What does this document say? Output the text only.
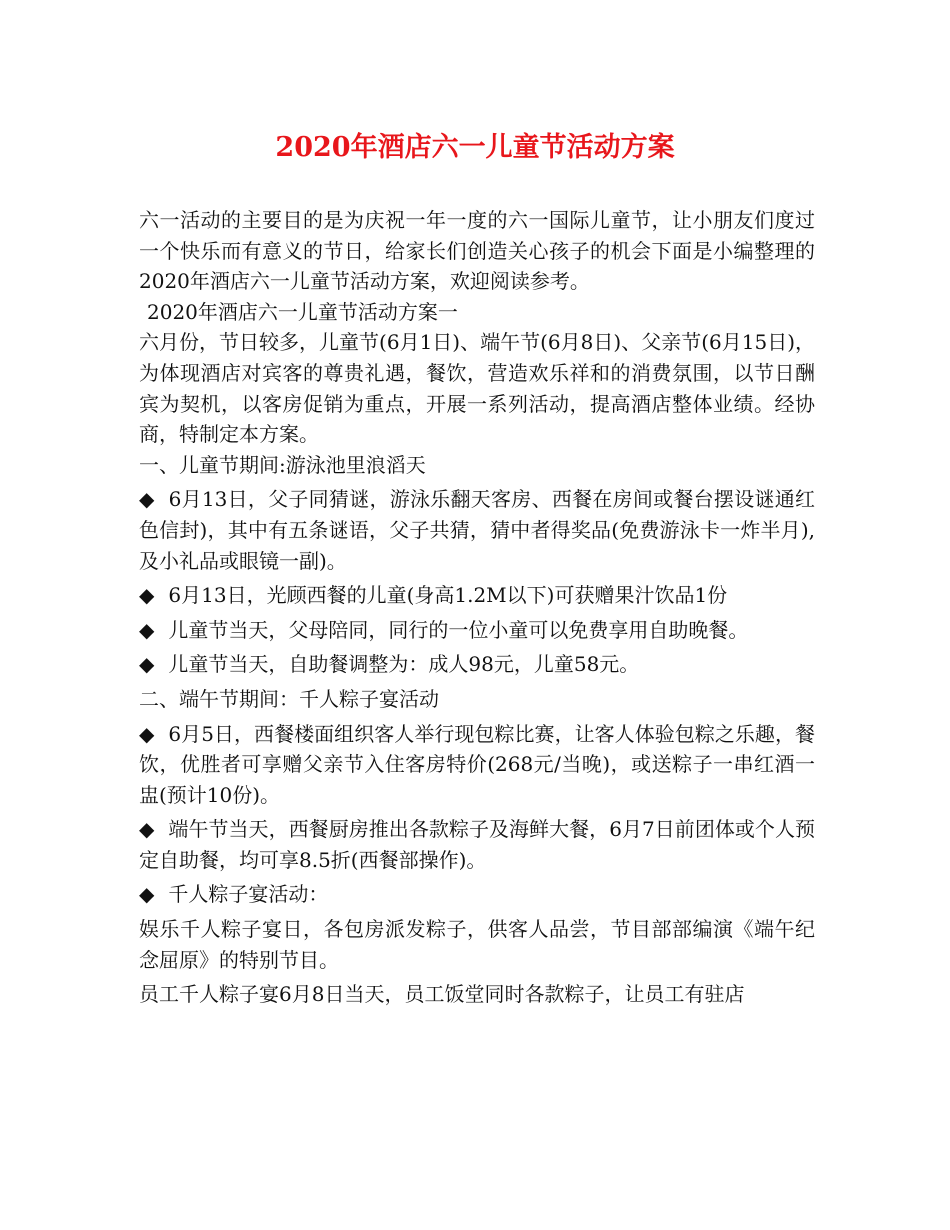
2020年酒店六一儿童节活动方案

六一活动的主要目的是为庆祝一年一度的六一国际儿童节，让小朋友们度过一个快乐而有意义的节日，给家长们创造关心孩子的机会下面是小编整理的2020年酒店六一儿童节活动方案，欢迎阅读参考。

2020年酒店六一儿童节活动方案一

六月份，节日较多，儿童节(6月1日)、端午节(6月8日)、父亲节(6月15日)，为体现酒店对宾客的尊贵礼遇，餐饮，营造欢乐祥和的消费氛围，以节日酬宾为契机，以客房促销为重点，开展一系列活动，提高酒店整体业绩。经协商，特制定本方案。

一、儿童节期间:游泳池里浪滔天

◆ 6月13日，父子同猜谜，游泳乐翻天客房、西餐在房间或餐台摆设谜通红色信封)，其中有五条谜语，父子共猜，猜中者得奖品(免费游泳卡一炸半月),及小礼品或眼镜一副)。

◆ 6月13日，光顾西餐的儿童(身高1.2M以下)可获赠果汁饮品1份

◆ 儿童节当天，父母陪同，同行的一位小童可以免费享用自助晚餐。

◆ 儿童节当天，自助餐调整为：成人98元，儿童58元。

二、端午节期间：千人粽子宴活动

◆ 6月5日，西餐楼面组织客人举行现包粽比赛，让客人体验包粽之乐趣，餐饮，优胜者可享赠父亲节入住客房特价(268元/当晚)，或送粽子一串红酒一盅(预计10份)。

◆ 端午节当天，西餐厨房推出各款粽子及海鲜大餐，6月7日前团体或个人预定自助餐，均可享8.5折(西餐部操作)。

◆ 千人粽子宴活动：

娱乐千人粽子宴日，各包房派发粽子，供客人品尝，节目部部编演《端午纪念屈原》的特别节目。

员工千人粽子宴6月8日当天，员工饭堂同时各款粽子，让员工有驻店
